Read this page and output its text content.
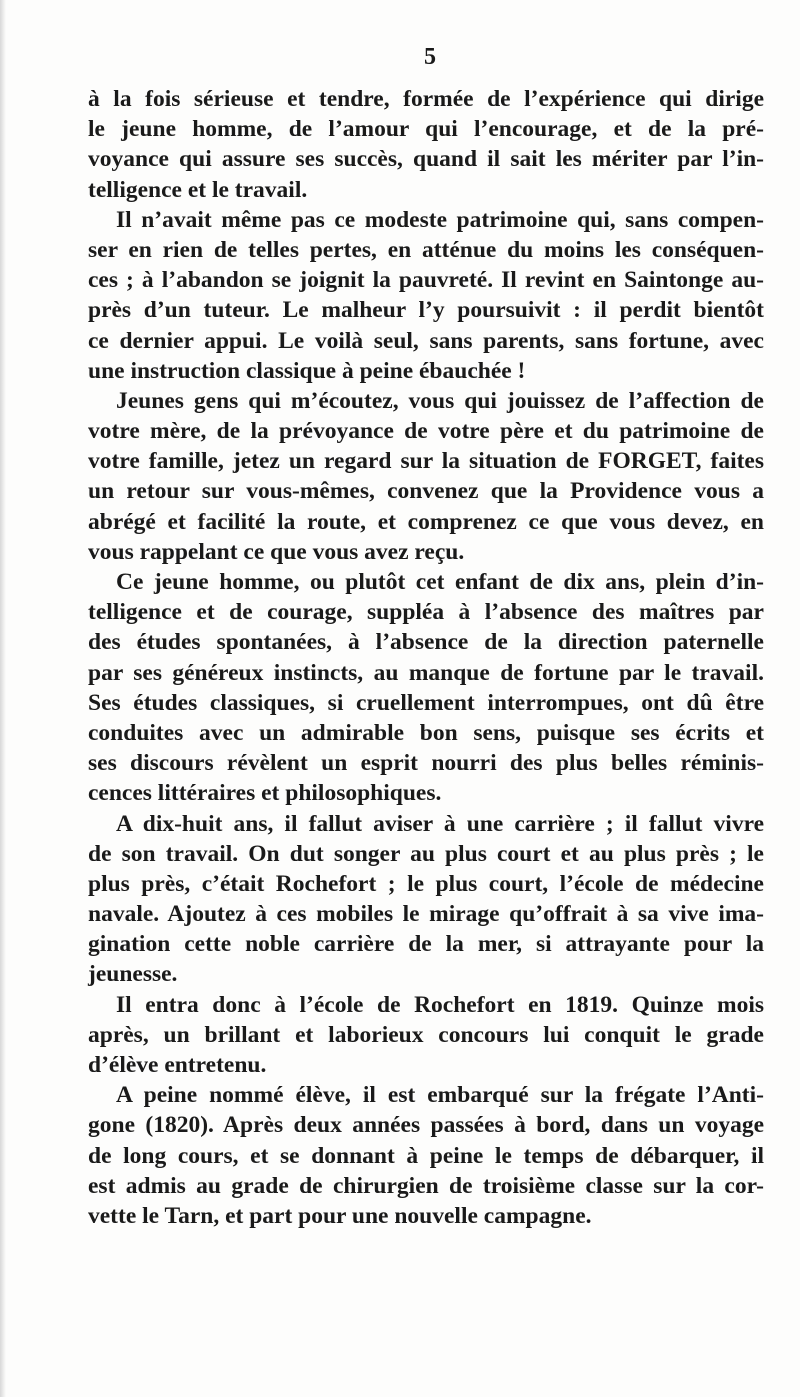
5
à la fois sérieuse et tendre, formée de l’expérience qui dirige
le jeune homme, de l’amour qui l’encourage, et de la pré-
voyance qui assure ses succès, quand il sait les mériter par l’in-
telligence et le travail.
Il n’avait même pas ce modeste patrimoine qui, sans compen-
ser en rien de telles pertes, en atténue du moins les conséquen-
ces ; à l’abandon se joignit la pauvreté. Il revint en Saintonge au-
près d’un tuteur. Le malheur l’y poursuivit : il perdit bientôt
ce dernier appui. Le voilà seul, sans parents, sans fortune, avec
une instruction classique à peine ébauchée !
Jeunes gens qui m’écoutez, vous qui jouissez de l’affection de
votre mère, de la prévoyance de votre père et du patrimoine de
votre famille, jetez un regard sur la situation de FORGET, faites
un retour sur vous-mêmes, convenez que la Providence vous a
abrégé et facilité la route, et comprenez ce que vous devez, en
vous rappelant ce que vous avez reçu.
Ce jeune homme, ou plutôt cet enfant de dix ans, plein d’in-
telligence et de courage, suppléa à l’absence des maîtres par
des études spontanées, à l’absence de la direction paternelle
par ses généreux instincts, au manque de fortune par le travail.
Ses études classiques, si cruellement interrompues, ont dû être
conduites avec un admirable bon sens, puisque ses écrits et
ses discours révèlent un esprit nourri des plus belles réminis-
cences littéraires et philosophiques.
A dix-huit ans, il fallut aviser à une carrière ; il fallut vivre
de son travail. On dut songer au plus court et au plus près ; le
plus près, c’était Rochefort ; le plus court, l’école de médecine
navale. Ajoutez à ces mobiles le mirage qu’offrait à sa vive ima-
gination cette noble carrière de la mer, si attrayante pour la
jeunesse.
Il entra donc à l’école de Rochefort en 1819. Quinze mois
après, un brillant et laborieux concours lui conquit le grade
d’élève entretenu.
A peine nommé élève, il est embarqué sur la frégate l’Anti-
gone (1820). Après deux années passées à bord, dans un voyage
de long cours, et se donnant à peine le temps de débarquer, il
est admis au grade de chirurgien de troisième classe sur la cor-
vette le Tarn, et part pour une nouvelle campagne.
